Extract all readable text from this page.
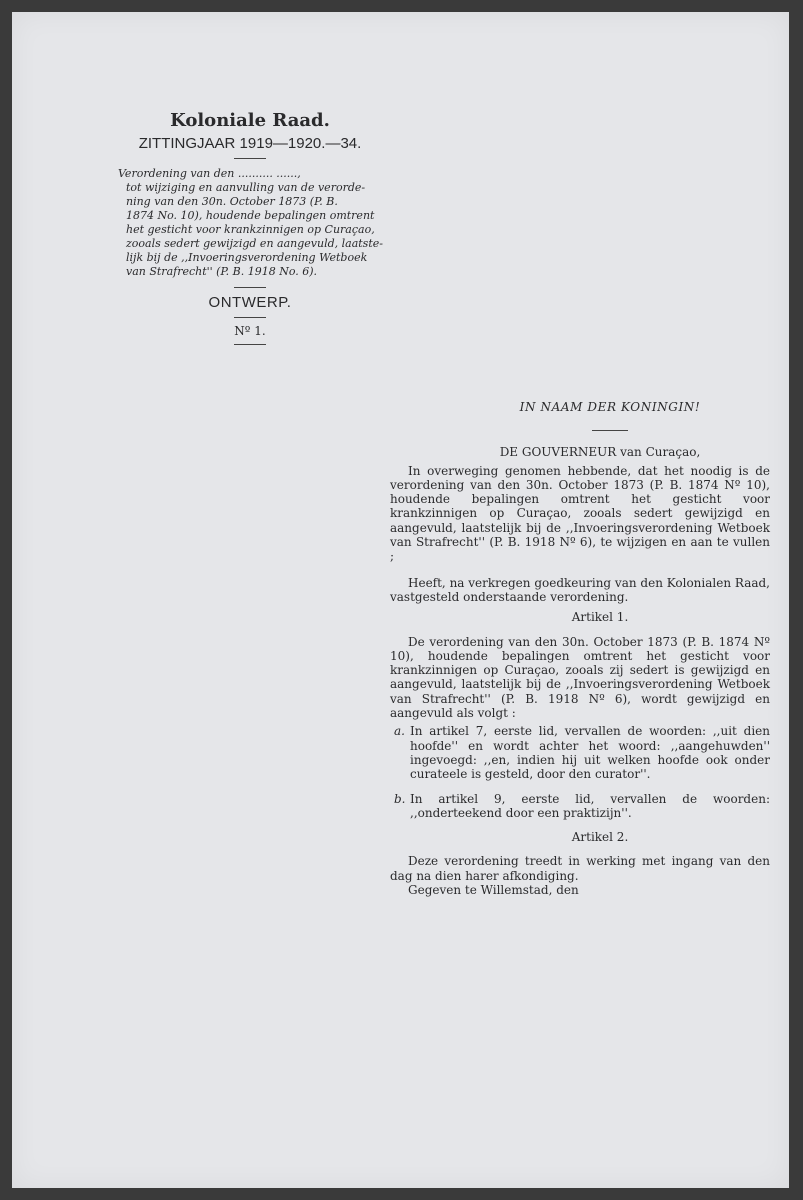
Koloniale Raad.
ZITTINGJAAR 1919—1920.—34.
Verordening van den .......... ......,

tot wijziging en aanvulling van de verorde-
ning van den 30n. October 1873 (P. B.
1874 No. 10), houdende bepalingen omtrent
het gesticht voor krankzinnigen op Curaçao,
zooals sedert gewijzigd en aangevuld, laatste-
lijk bij de ,,Invoeringsverordening Wetboek
van Strafrecht'' (P. B. 1918 No. 6).
ONTWERP.
Nº 1.
IN NAAM DER KONINGIN!
DE GOUVERNEUR van Curaçao,

In overweging genomen hebbende, dat het noodig is de verordening van den 30n. October 1873 (P. B. 1874 Nº 10), houdende bepalingen omtrent het gesticht voor krankzinnigen op Curaçao, zooals sedert gewijzigd en aangevuld, laatstelijk bij de ,,Invoeringsverordening Wetboek van Strafrecht'' (P. B. 1918 Nº 6), te wijzigen en aan te vullen ;

Heeft, na verkregen goedkeuring van den Kolonialen Raad, vastgesteld onderstaande verordening.

Artikel 1.

De verordening van den 30n. October 1873 (P. B. 1874 Nº 10), houdende bepalingen omtrent het gesticht voor krankzinnigen op Curaçao, zooals zij sedert is gewijzigd en aangevuld, laatstelijk bij de ,,Invoeringsverordening Wetboek van Strafrecht'' (P. B. 1918 Nº 6), wordt gewijzigd en aangevuld als volgt :

a. In artikel 7, eerste lid, vervallen de woorden: ,,uit dien hoofde'' en wordt achter het woord: ,,aangehuwden'' ingevoegd: ,,en, indien hij uit welken hoofde ook onder curateele is gesteld, door den curator''.
b. In artikel 9, eerste lid, vervallen de woorden: ,,onderteekend door een praktizijn''.
Artikel 2.

Deze verordening treedt in werking met ingang van den dag na dien harer afkondiging.

Gegeven te Willemstad, den
